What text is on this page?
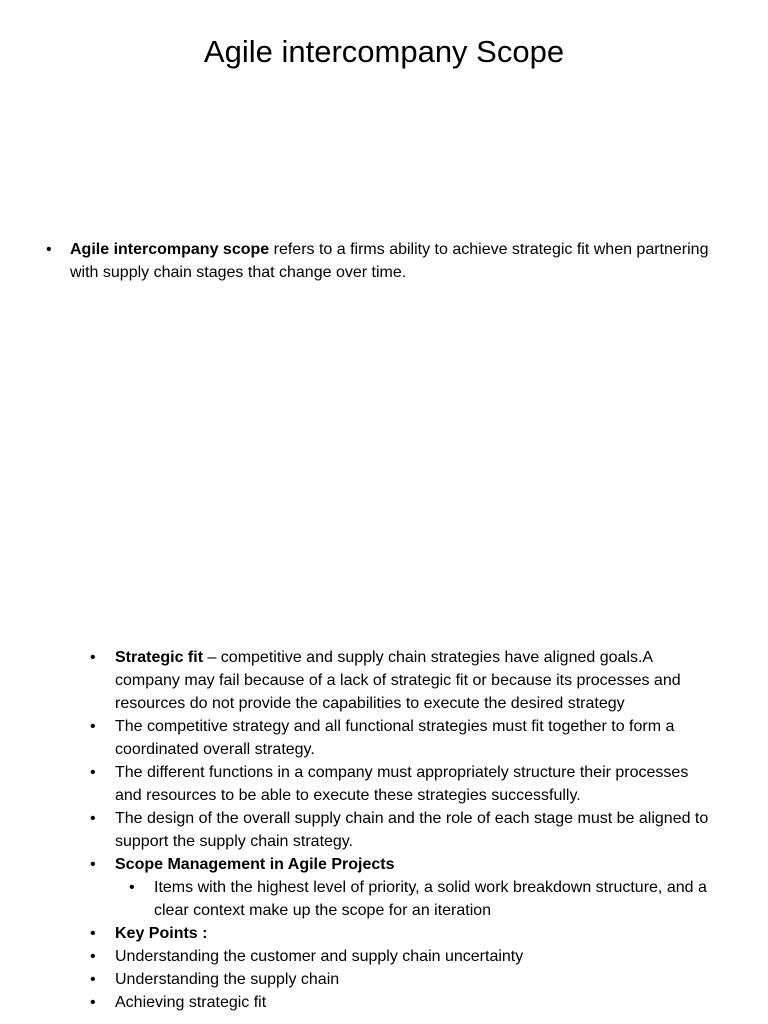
Agile intercompany Scope
• Agile intercompany scope refers to a firms ability to achieve strategic fit when partnering with supply chain stages that change over time.
• Strategic fit – competitive and supply chain strategies have aligned goals.A company may fail because of a lack of strategic fit or because its processes and resources do not provide the capabilities to execute the desired strategy
• The competitive strategy and all functional strategies must fit together to form a coordinated overall strategy.
• The different functions in a company must appropriately structure their processes and resources to be able to execute these strategies successfully.
• The design of the overall supply chain and the role of each stage must be aligned to support the supply chain strategy.
• Scope Management in Agile Projects
• Items with the highest level of priority, a solid work breakdown structure, and a clear context make up the scope for an iteration
• Key Points :
• Understanding the customer and supply chain uncertainty
• Understanding the supply chain
• Achieving strategic fit
